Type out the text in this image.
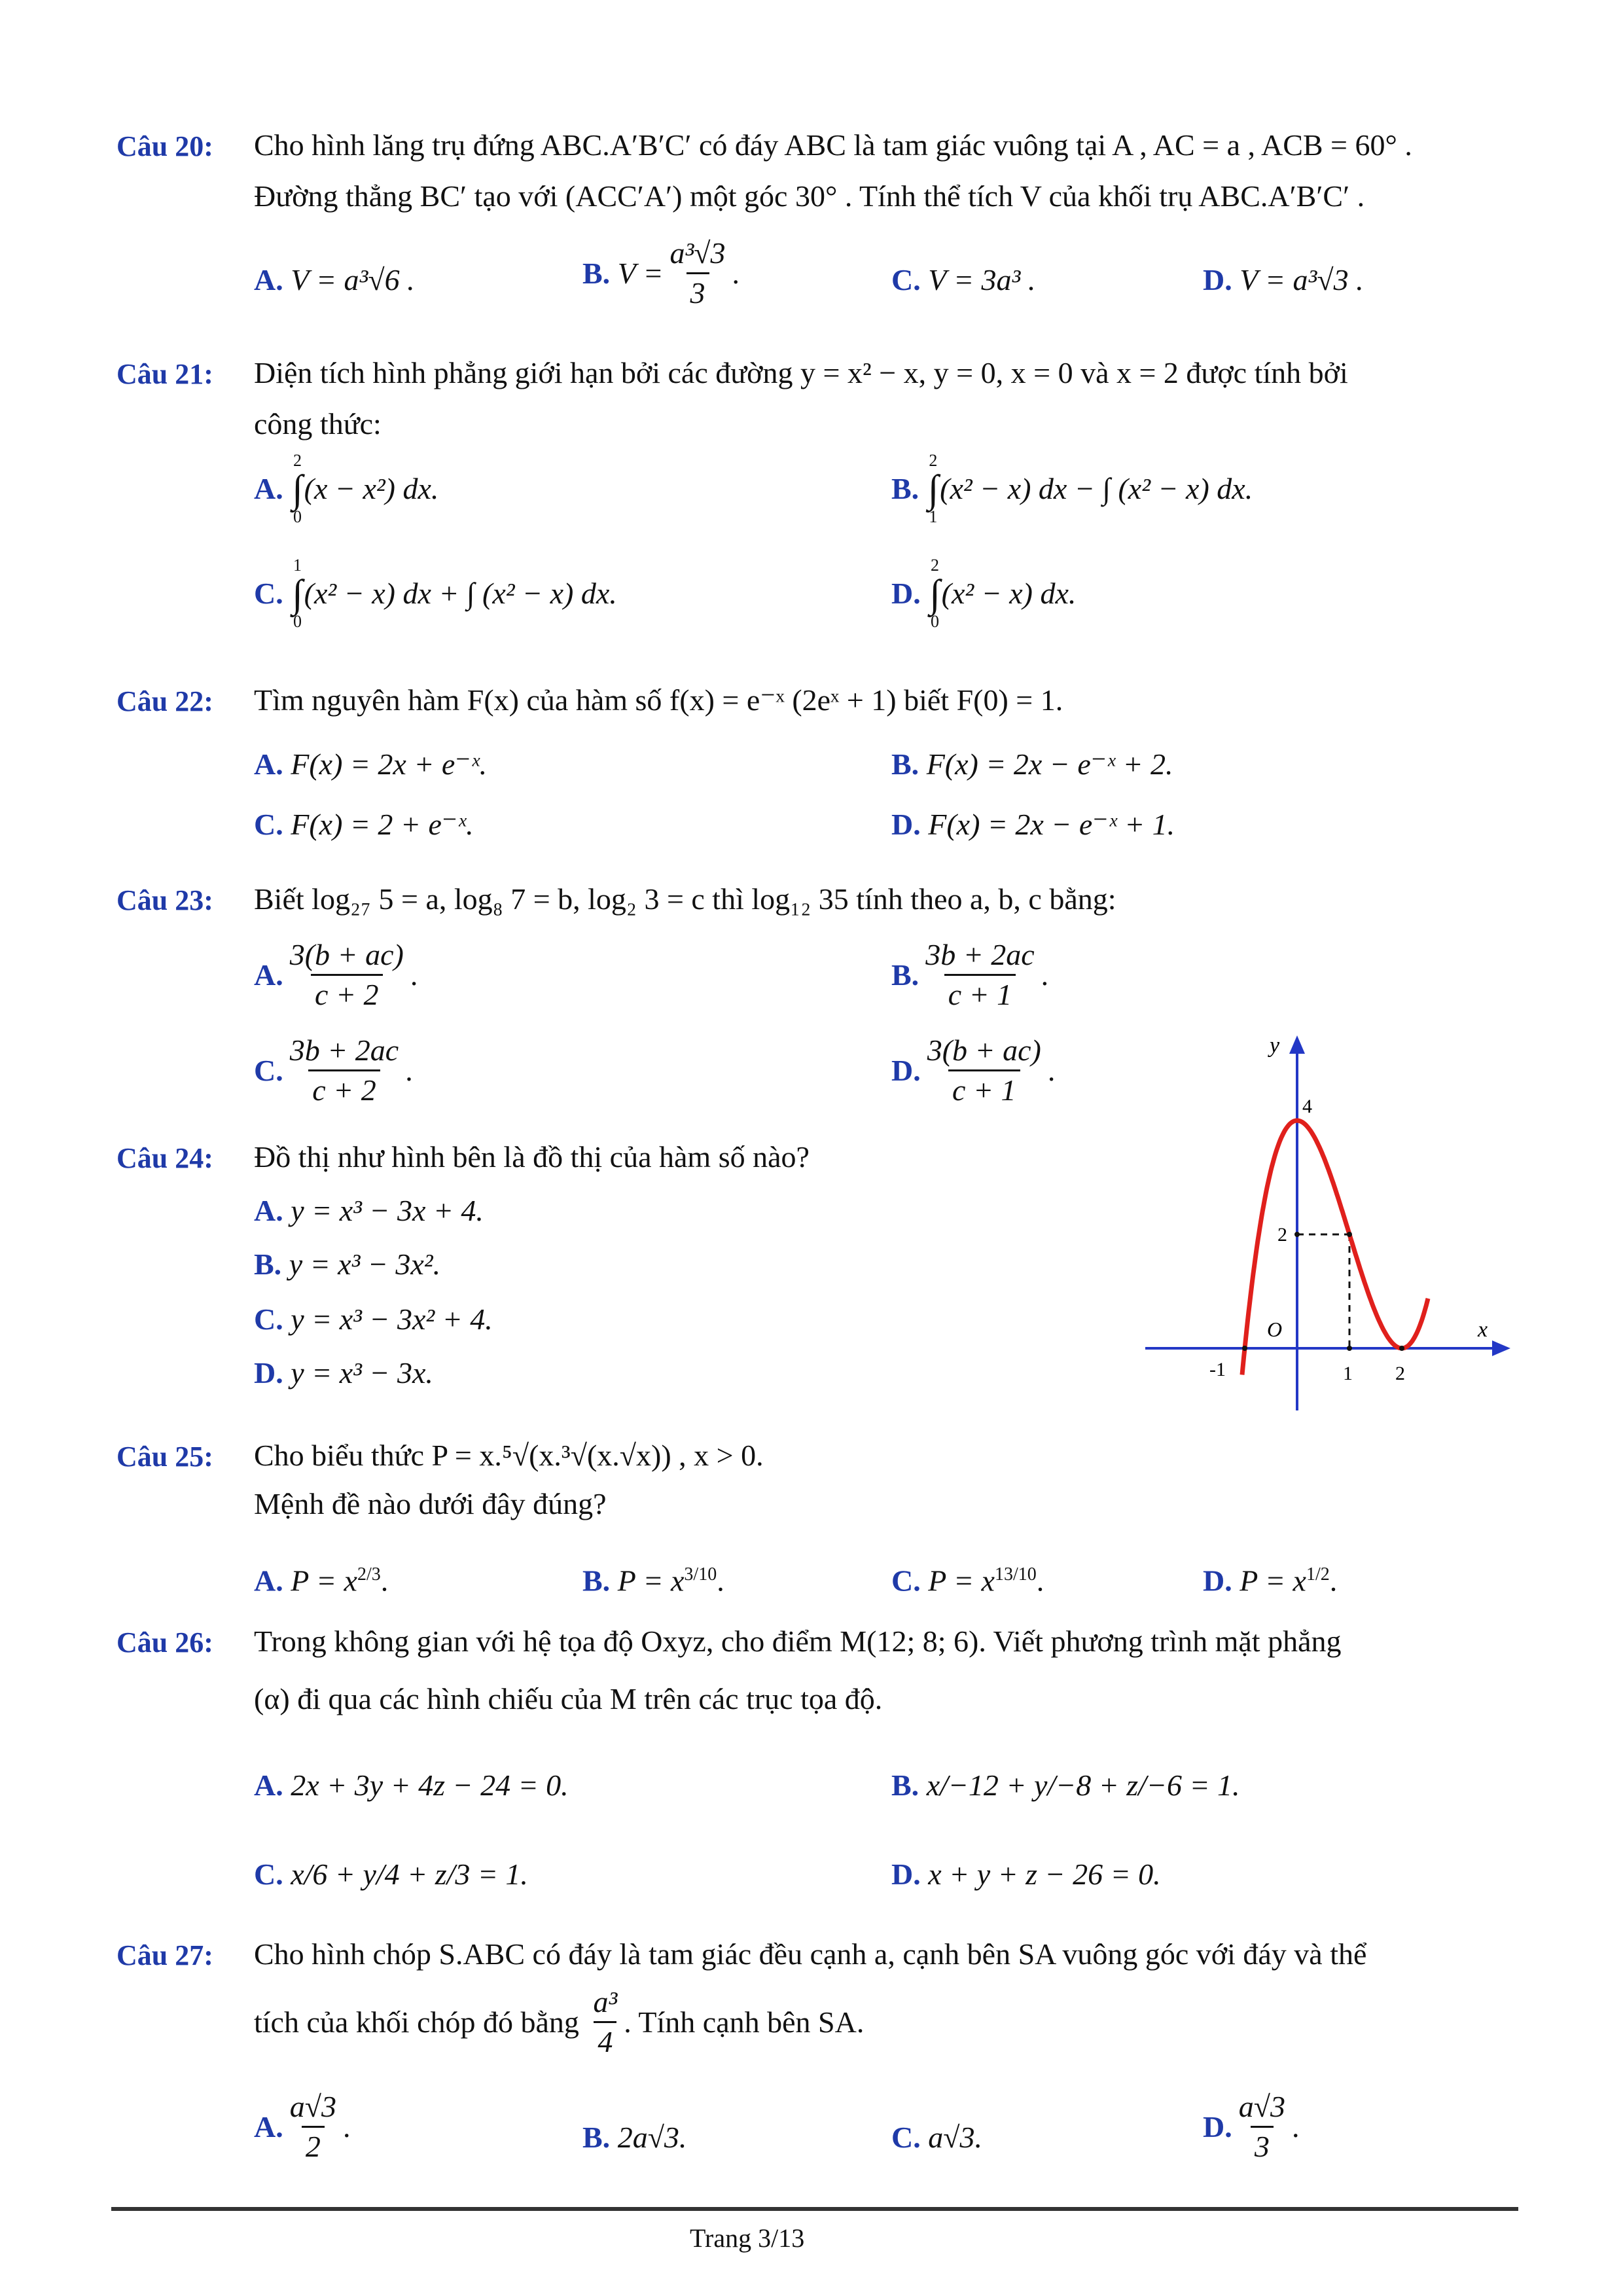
Câu 20: Cho hình lăng trụ đứng ABC.A′B′C′ có đáy ABC là tam giác vuông tại A , AC = a , ACB = 60° .
Đường thẳng BC′ tạo với (ACC′A′) một góc 30° . Tính thể tích V của khối trụ ABC.A′B′C′ .
A. V = a³√6 .	B.
$V = \frac{\text{a³√3}}{3}$ .	C. V = 3a³ .	D. V = a³√3 .
Câu 21: Diện tích hình phẳng giới hạn bởi các đường y = x² − x, y = 0, x = 0 và x = 2 được tính bởi
công thức:
A.

2
∫
0
(x − x²) dx.	B.

2
∫
1
(x² − x) dx − ∫ (x² − x) dx.
C.

1
∫
0
(x² − x) dx + ∫ (x² − x) dx.	D.

2
∫
0
(x² − x) dx.
Câu 22: Tìm nguyên hàm F(x) của hàm số f(x) = e⁻ˣ (2eˣ + 1) biết F(0) = 1.
A. F(x) = 2x + e⁻ˣ.	B. F(x) = 2x − e⁻ˣ + 2.
C. F(x) = 2 + e⁻ˣ.	D. F(x) = 2x − e⁻ˣ + 1.
Câu 23: Biết log₂₇ 5 = a, log₈ 7 = b, log₂ 3 = c thì log₁₂ 35 tính theo a, b, c bằng:
A. $\frac{3(b + ac)}{c + 2}$ .	B. $\frac{3b + 2ac}{c + 1}$ .
C. $\frac{3b + 2ac}{c + 2}$ .	D. $\frac{3(b + ac)}{c + 1}$ .
Câu 24: Đồ thị như hình bên là đồ thị của hàm số nào?
A. y = x³ − 3x + 4.
B. y = x³ − 3x².
C. y = x³ − 3x² + 4.
D. y = x³ − 3x.
y
x
O
4
2
-1	1 2
Câu 25: Cho biểu thức P = x.⁵√(x.³√(x.√x)) , x > 0.
Mệnh đề nào dưới đây đúng?
A. $P = x^{2/3}$.	B. $P = x^{3/10}$.	C. $P = x^{13/10}$.	D. $P = x^{1/2}$.
Câu 26: Trong không gian với hệ tọa độ Oxyz, cho điểm M(12; 8; 6). Viết phương trình mặt phẳng
(α) đi qua các hình chiếu của M trên các trục tọa độ.
A. 2x + 3y + 4z − 24 = 0.	B. x/−12 + y/−8 + z/−6 = 1.
C. x/6 + y/4 + z/3 = 1.	D. x + y + z − 26 = 0.
Câu 27: Cho hình chóp S.ABC có đáy là tam giác đều cạnh a, cạnh bên SA vuông góc với đáy và thể
tích của khối chóp đó bằng
$\frac{\text{a³}}{4}$ . Tính cạnh bên SA.
A. $\frac{a√3}{2}$ .	B. 2a√3.	C. a√3.	D. $\frac{a√3}{3}$ .
Trang 3/13
